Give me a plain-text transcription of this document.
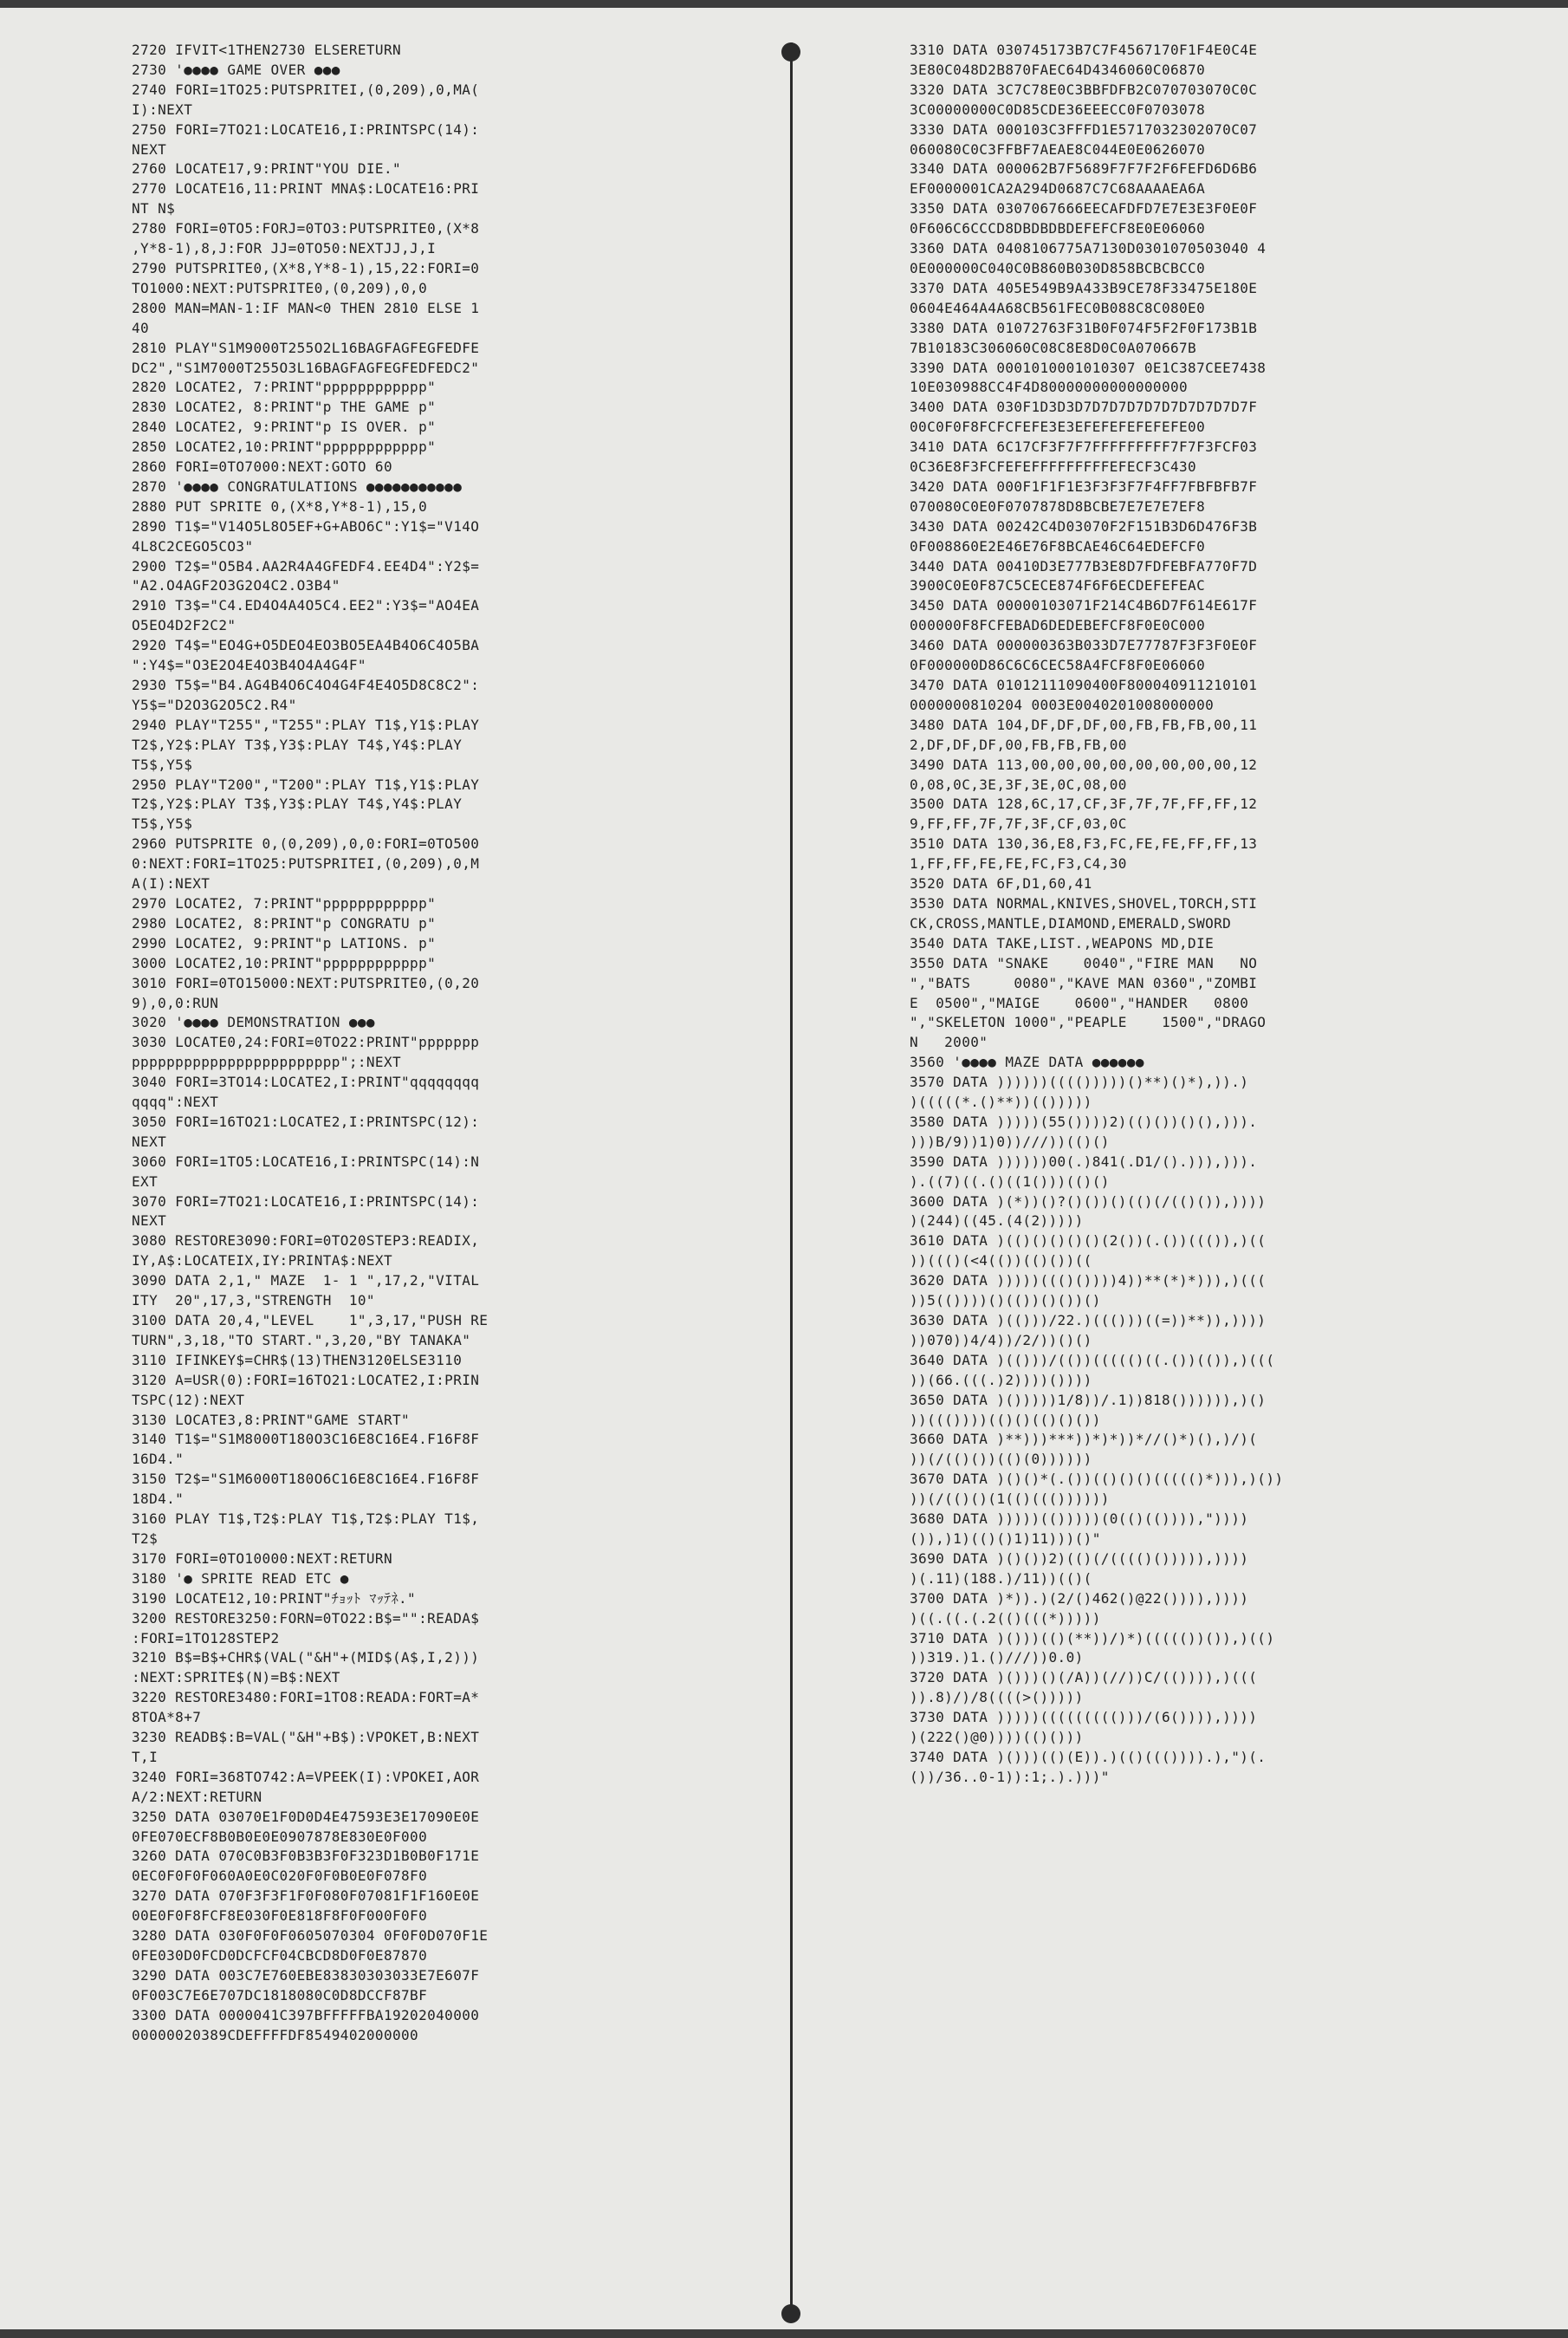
2720 IFVIT<1THEN2730 ELSERETURN
2730 '●●●● GAME OVER ●●●
2740 FORI=1TO25:PUTSPRITEI,(0,209),0,MA(
I):NEXT
2750 FORI=7TO21:LOCATE16,I:PRINTSPC(14):
NEXT
2760 LOCATE17,9:PRINT"YOU DIE."
2770 LOCATE16,11:PRINT MNA$:LOCATE16:PRI
NT N$
2780 FORI=0TO5:FORJ=0TO3:PUTSPRITE0,(X*8
,Y*8-1),8,J:FOR JJ=0TO50:NEXTJJ,J,I
2790 PUTSPRITE0,(X*8,Y*8-1),15,22:FORI=0
TO1000:NEXT:PUTSPRITE0,(0,209),0,0
2800 MAN=MAN-1:IF MAN<0 THEN 2810 ELSE 1
40
2810 PLAY"S1M9000T255O2L16BAGFAGFEGFEDFE
DC2","S1M7000T255O3L16BAGFAGFEGFEDFEDC2"
2820 LOCATE2, 7:PRINT"pppppppppppp"
2830 LOCATE2, 8:PRINT"p THE GAME p"
2840 LOCATE2, 9:PRINT"p IS OVER. p"
2850 LOCATE2,10:PRINT"pppppppppppp"
2860 FORI=0TO7000:NEXT:GOTO 60
2870 '●●●● CONGRATULATIONS ●●●●●●●●●●●
2880 PUT SPRITE 0,(X*8,Y*8-1),15,0
2890 T1$="V14O5L8O5EF+G+ABO6C":Y1$="V14O
4L8C2CEGO5CO3"
2900 T2$="O5B4.AA2R4A4GFEDF4.EE4D4":Y2$=
"A2.O4AGF2O3G2O4C2.O3B4"
2910 T3$="C4.ED4O4A4O5C4.EE2":Y3$="AO4EA
O5EO4D2F2C2"
2920 T4$="EO4G+O5DEO4EO3BO5EA4B4O6C4O5BA
":Y4$="O3E2O4E4O3B4O4A4G4F"
2930 T5$="B4.AG4B4O6C4O4G4F4E4O5D8C8C2":
Y5$="D2O3G2O5C2.R4"
2940 PLAY"T255","T255":PLAY T1$,Y1$:PLAY
T2$,Y2$:PLAY T3$,Y3$:PLAY T4$,Y4$:PLAY
T5$,Y5$
2950 PLAY"T200","T200":PLAY T1$,Y1$:PLAY
T2$,Y2$:PLAY T3$,Y3$:PLAY T4$,Y4$:PLAY
T5$,Y5$
2960 PUTSPRITE 0,(0,209),0,0:FORI=0TO500
0:NEXT:FORI=1TO25:PUTSPRITEI,(0,209),0,M
A(I):NEXT
2970 LOCATE2, 7:PRINT"pppppppppppp"
2980 LOCATE2, 8:PRINT"p CONGRATU p"
2990 LOCATE2, 9:PRINT"p LATIONS. p"
3000 LOCATE2,10:PRINT"pppppppppppp"
3010 FORI=0TO15000:NEXT:PUTSPRITE0,(0,20
9),0,0:RUN
3020 '●●●● DEMONSTRATION ●●●
3030 LOCATE0,24:FORI=0TO22:PRINT"ppppppp
pppppppppppppppppppppppp";:NEXT
3040 FORI=3TO14:LOCATE2,I:PRINT"qqqqqqqq
qqqq":NEXT
3050 FORI=16TO21:LOCATE2,I:PRINTSPC(12):
NEXT
3060 FORI=1TO5:LOCATE16,I:PRINTSPC(14):N
EXT
3070 FORI=7TO21:LOCATE16,I:PRINTSPC(14):
NEXT
3080 RESTORE3090:FORI=0TO20STEP3:READIX,
IY,A$:LOCATEIX,IY:PRINTA$:NEXT
3090 DATA 2,1," MAZE  1- 1 ",17,2,"VITAL
ITY  20",17,3,"STRENGTH  10"
3100 DATA 20,4,"LEVEL    1",3,17,"PUSH RE
TURN",3,18,"TO START.",3,20,"BY TANAKA"
3110 IFINKEY$=CHR$(13)THEN3120ELSE3110
3120 A=USR(0):FORI=16TO21:LOCATE2,I:PRIN
TSPC(12):NEXT
3130 LOCATE3,8:PRINT"GAME START"
3140 T1$="S1M8000T180O3C16E8C16E4.F16F8F
16D4."
3150 T2$="S1M6000T180O6C16E8C16E4.F16F8F
18D4."
3160 PLAY T1$,T2$:PLAY T1$,T2$:PLAY T1$,
T2$
3170 FORI=0TO10000:NEXT:RETURN
3180 '● SPRITE READ ETC ●
3190 LOCATE12,10:PRINT"ﾁｮｯﾄ ﾏｯﾃﾈ."
3200 RESTORE3250:FORN=0TO22:B$="":READA$
:FORI=1TO128STEP2
3210 B$=B$+CHR$(VAL("&H"+(MID$(A$,I,2)))
:NEXT:SPRITE$(N)=B$:NEXT
3220 RESTORE3480:FORI=1TO8:READA:FORT=A*
8TOA*8+7
3230 READB$:B=VAL("&H"+B$):VPOKET,B:NEXT
T,I
3240 FORI=368TO742:A=VPEEK(I):VPOKEI,AOR
A/2:NEXT:RETURN
3250 DATA 03070E1F0D0D4E47593E3E17090E0E
0FE070ECF8B0B0E0E0907878E830E0F000
3260 DATA 070C0B3F0B3B3F0F323D1B0B0F171E
0EC0F0F0F060A0E0C020F0F0B0E0F078F0
3270 DATA 070F3F3F1F0F080F07081F1F160E0E
00E0F0F8FCF8E030F0E818F8F0F000F0F0
3280 DATA 030F0F0F0605070304 0F0F0D070F1E
0FE030D0FCD0DCFCF04CBCD8D0F0E87870
3290 DATA 003C7E760EBE83830303033E7E607F
0F003C7E6E707DC1818080C0D8DCCF87BF
3300 DATA 0000041C397BFFFFFBA19202040000
00000020389CDEFFFFDF8549402000000
3310 DATA 030745173B7C7F4567170F1F4E0C4E
3E80C048D2B870FAEC64D4346060C06870
3320 DATA 3C7C78E0C3BBFDFB2C070703070C0C
3C00000000C0D85CDE36EEECC0F0703078
3330 DATA 000103C3FFFD1E5717032302070C07
060080C0C3FFBF7AEAE8C044E0E0626070
3340 DATA 000062B7F5689F7F7F2F6FEFD6D6B6
EF0000001CA2A294D0687C7C68AAAAEA6A
3350 DATA 0307067666EECAFDFD7E7E3E3F0E0F
0F606C6CCCD8DBDBDBDEFEFCF8E0E06060
3360 DATA 0408106775A7130D0301070503040 4
0E000000C040C0B860B030D858BCBCBCC0
3370 DATA 405E549B9A433B9CE78F33475E180E
0604E464A4A68CB561FEC0B088C8C080E0
3380 DATA 01072763F31B0F074F5F2F0F173B1B
7B10183C306060C08C8E8D0C0A070667B
3390 DATA 0001010001010307 0E1C387CEE7438
10E030988CC4F4D80000000000000000
3400 DATA 030F1D3D3D7D7D7D7D7D7D7D7D7D7F
00C0F0F8FCFCFEFE3E3EFEFEFEFEFEFE00
3410 DATA 6C17CF3F7F7FFFFFFFFF7F7F3FCF03
0C36E8F3FCFEFEFFFFFFFFFEFECF3C430
3420 DATA 000F1F1F1E3F3F3F7F4FF7FBFBFB7F
070080C0E0F0707878D8BCBE7E7E7E7EF8
3430 DATA 00242C4D03070F2F151B3D6D476F3B
0F008860E2E46E76F8BCAE46C64EDEFCF0
3440 DATA 00410D3E777B3E8D7FDFEBFA770F7D
3900C0E0F87C5CECE874F6F6ECDEFEFEAC
3450 DATA 00000103071F214C4B6D7F614E617F
000000F8FCFEBAD6DEDEBEFCF8F0E0C000
3460 DATA 000000363B033D7E77787F3F3F0E0F
0F000000D86C6C6CEC58A4FCF8F0E06060
3470 DATA 01012111090400F800040911210101
0000000810204 0003E0040201008000000
3480 DATA 104,DF,DF,DF,00,FB,FB,FB,00,11
2,DF,DF,DF,00,FB,FB,FB,00
3490 DATA 113,00,00,00,00,00,00,00,00,12
0,08,0C,3E,3F,3E,0C,08,00
3500 DATA 128,6C,17,CF,3F,7F,7F,FF,FF,12
9,FF,FF,7F,7F,3F,CF,03,0C
3510 DATA 130,36,E8,F3,FC,FE,FE,FF,FF,13
1,FF,FF,FE,FE,FC,F3,C4,30
3520 DATA 6F,D1,60,41
3530 DATA NORMAL,KNIVES,SHOVEL,TORCH,STI
CK,CROSS,MANTLE,DIAMOND,EMERALD,SWORD
3540 DATA TAKE,LIST.,WEAPONS MD,DIE
3550 DATA "SNAKE    0040","FIRE MAN   NO
","BATS     0080","KAVE MAN 0360","ZOMBI
E  0500","MAIGE    0600","HANDER   0800
","SKELETON 1000","PEAPLE    1500","DRAGO
N   2000"
3560 '●●●● MAZE DATA ●●●●●●
3570 DATA ))))))(((()))))()**)()*),)).)
)(((((*.()**))(()))))
3580 DATA )))))(55())))2)(()())()(),))).
)))B/9))1)0))///))(()()
3590 DATA ))))))00(.)841(.D1/().))),))).
).((7)((.()((1()))(()()
3600 DATA )(*))()?()())()(()(/(()()),))))
)(244)((45.(4(2)))))
3610 DATA )(()()()()()(2())(.())((()),)((
))((()(<4(())(()())((
3620 DATA )))))((()())))4))**(*)*))),)(((
))5(())))()(())()())()
3630 DATA )(()))/22.)((()))((=))**)),))))
))070))4/4))/2/))()()
3640 DATA )(()))/(())((((()((.())(()),)(((
))(66.(((.)2))))())))
3650 DATA )()))))1/8))/.1))818()))))),)()
))((())))(()()(()()())
3660 DATA )**)))***))*)*))*//()*)(),)/)(
))(/(()())(()(0))))))
3670 DATA )()()*(.())(()()()((((()*))),)())
))(/(()()(1(()((())))))
3680 DATA )))))(()))))(0(()(()))),"))))
()),)1)(()()1)11)))()"
3690 DATA )()())2)(()(/(((()())))),))))
)(.11)(188.)/11))(()(
3700 DATA )*)).)(2/()462()@22()))),))))
)((.((.(.2(()(((*)))))
3710 DATA )()))(()(**))/)*)((((())()),)(()
))319.)1.()///))0.0)
3720 DATA )()))()(/A))(//))C/(()))),)(((
)).8)/)/8((((>()))))
3730 DATA )))))((((((((()))/(6()))),))))
)(222()@0))))(()()))
3740 DATA )()))(()(E)).)(()((()))).),")(.
())/36..0-1)):1;.).)))"
